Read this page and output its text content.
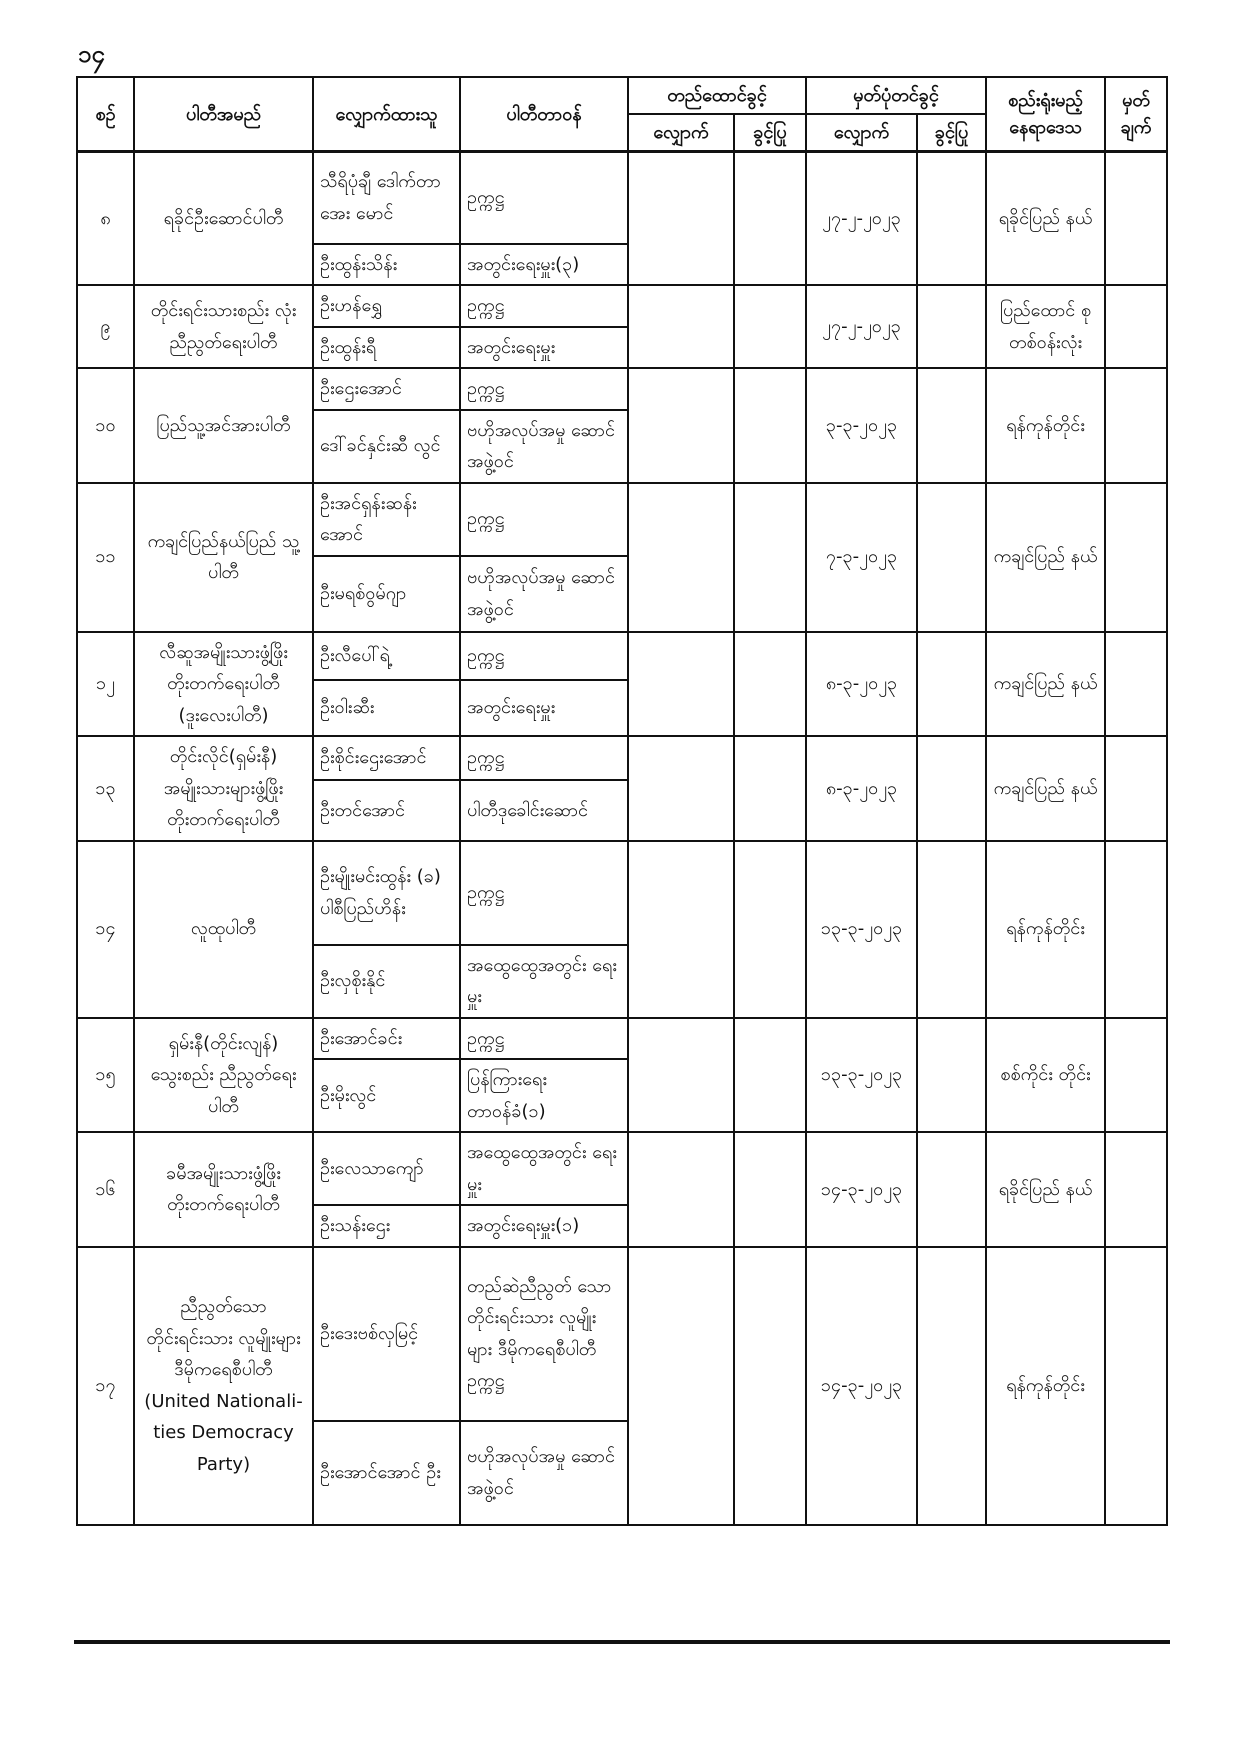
၁၄
စဉ်	ပါတီအမည်	လျှောက်ထားသူ	ပါတီတာဝန်	တည်ထောင်ခွင့်		မှတ်ပုံတင်ခွင့်		စည်းရုံးမည့် နေရာဒေသ	မှတ် ချက်
				လျှောက်	ခွင့်ပြု	လျှောက်	ခွင့်ပြု		
၈	ရခိုင်ဦးဆောင်ပါတီ	သီရိပုံချီ ဒေါက်တာအေး မောင်	ဥက္ကဋ္ဌ			၂၇-၂-၂၀၂၃		ရခိုင်ပြည် နယ်	
		ဦးထွန်းသိန်း	အတွင်းရေးမှူး(၃)						
၉	တိုင်းရင်းသားစည်း လုံးညီညွတ်ရေးပါတီ	ဦးဟန်ရွှေ	ဥက္ကဋ္ဌ			၂၇-၂-၂၀၂၃		ပြည်ထောင် စုတစ်ဝန်းလုံး	
		ဦးထွန်းရီ	အတွင်းရေးမှူး						
၁၀	ပြည်သူ့အင်အားပါတီ	ဦးဌေးအောင်	ဥက္ကဋ္ဌ			၃-၃-၂၀၂၃		ရန်ကုန်တိုင်း	
		ဒေါ်ခင်နှင်းဆီ လွင်	ဗဟိုအလုပ်အမှု ဆောင်အဖွဲ့ဝင်						
၁၁	ကချင်ပြည်နယ်ပြည် သူ့ပါတီ	ဦးအင်ရှန်းဆန်း အောင်	ဥက္ကဋ္ဌ			၇-၃-၂၀၂၃		ကချင်ပြည် နယ်	
		ဦးမရစ်ဝွမ်ဂျာ	ဗဟိုအလုပ်အမှု ဆောင်အဖွဲ့ဝင်						
၁၂	လီဆူအမျိုးသားဖွံ့ဖြိုး တိုးတက်ရေးပါတီ (ဒူးလေးပါတီ)	ဦးလီပေါ်ရဲ့	ဥက္ကဋ္ဌ			၈-၃-၂၀၂၃		ကချင်ပြည် နယ်	
		ဦးဝါးဆီး	အတွင်းရေးမှူး						
၁၃	တိုင်းလိုင်(ရှမ်းနီ) အမျိုးသားများဖွံ့ဖြိုး တိုးတက်ရေးပါတီ	ဦးစိုင်းဌေးအောင်	ဥက္ကဋ္ဌ			၈-၃-၂၀၂၃		ကချင်ပြည် နယ်	
		ဦးတင်အောင်	ပါတီဒုခေါင်းဆောင်						
၁၄	လူထုပါတီ	ဦးမျိုးမင်းထွန်း (ခ) ပါစီပြည်ဟိန်း	ဥက္ကဋ္ဌ			၁၃-၃-၂၀၂၃		ရန်ကုန်တိုင်း	
		ဦးလှစိုးနိုင်	အထွေထွေအတွင်း ရေးမှူး						
၁၅	ရှမ်းနီ(တိုင်းလျန်) သွေးစည်း ညီညွတ်ရေးပါတီ	ဦးအောင်ခင်း	ဥက္ကဋ္ဌ			၁၃-၃-၂၀၂၃		စစ်ကိုင်း တိုင်း	
		ဦးမိုးလွင်	ပြန်ကြားရေး တာဝန်ခံ(၁)						
၁၆	ခမီအမျိုးသားဖွံ့ဖြိုး တိုးတက်ရေးပါတီ	ဦးလေသာကျော်	အထွေထွေအတွင်း ရေးမှူး			၁၄-၃-၂၀၂၃		ရခိုင်ပြည် နယ်	
		ဦးသန်းဌေး	အတွင်းရေးမှူး(၁)						
၁၇	ညီညွတ်သော တိုင်းရင်းသား လူမျိုးများ ဒီမိုကရေစီပါတီ (United Nationali-ties Democracy Party)	ဦးဒေးဗစ်လှမြင့်	တည်ဆဲညီညွတ် သော တိုင်းရင်းသား လူမျိုးများ ဒီမိုကရေစီပါတီ ဥက္ကဋ္ဌ			၁၄-၃-၂၀၂၃		ရန်ကုန်တိုင်း	
		ဦးအောင်အောင် ဦး	ဗဟိုအလုပ်အမှု ဆောင်အဖွဲ့ဝင်						
